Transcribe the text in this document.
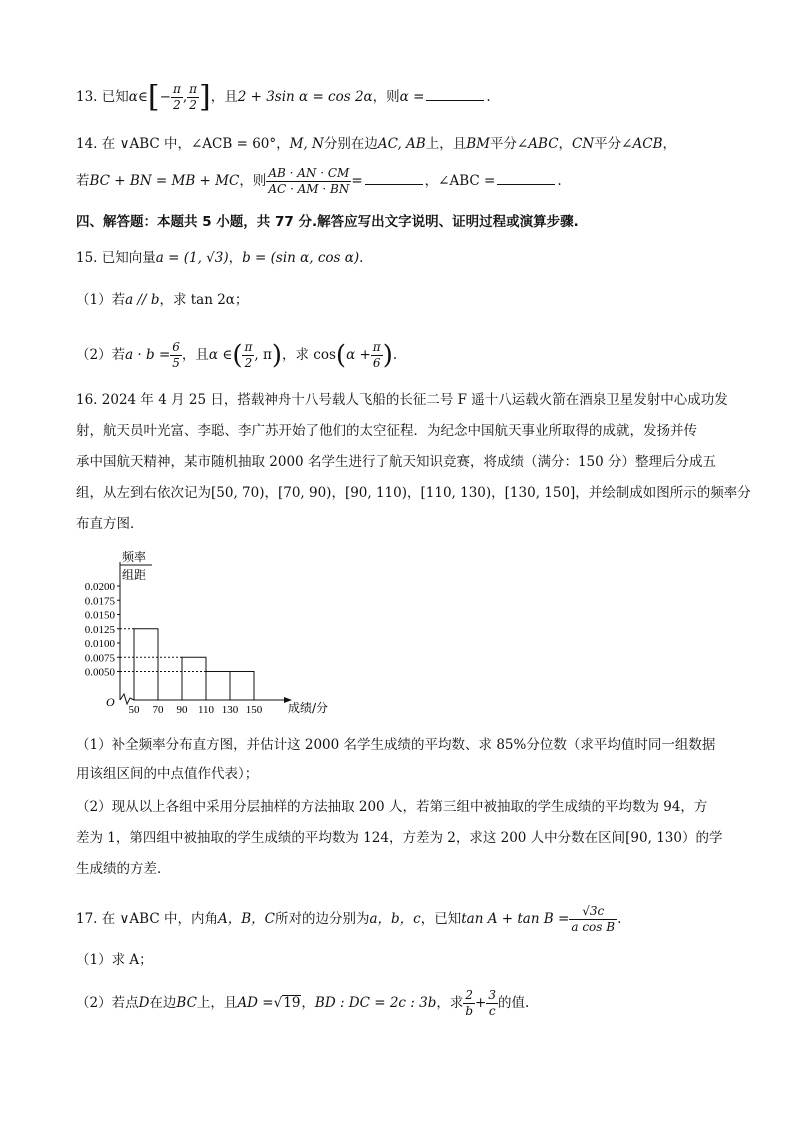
13. 已知α∈[− $\frac{\pi}{2}$ , $\frac{\pi}{2}$ ]，且2 + 3sin α = cos 2α，则α =	.
14. 在 ∨ABC 中，∠ACB = 60°，M, N分别在边AC, AB上，且BM平分∠ABC，CN平分∠ACB，
若BC + BN = MB + MC，则 $\frac{AB \cdot AN \cdot CM}{AC \cdot AM \cdot BN}$ =	，∠ABC =	.
四、解答题：本题共 5 小题，共 77 分.解答应写出文字说明、证明过程或演算步骤.
15. 已知向量a = (1, √3)，b = (sin α, cos α).
（1）若a // b，求 tan 2α；
（2）若$a \cdot b = \frac{6}{5}$ ，且α ∈( $\frac{\pi}{2}$ , π)，求 $\cos(\alpha + \frac{\pi}{6}$ ).
16. 2024 年 4 月 25 日，搭载神舟十八号载人飞船的长征二号 F 遥十八运载火箭在酒泉卫星发射中心成功发
射，航天员叶光富、李聪、李广苏开始了他们的太空征程．为纪念中国航天事业所取得的成就，发扬并传
承中国航天精神，某市随机抽取 2000 名学生进行了航天知识竞赛，将成绩（满分：150 分）整理后分成五
组，从左到右依次记为[50, 70)，[70, 90)，[90, 110)，[110, 130)，[130, 150]，并绘制成如图所示的频率分
布直方图．
频率
组距
成绩/分
O
0.0200
0.0175
0.0150
0.0125
0.0100
0.0075
0.0050
50 70 90 110 130 150
（1）补全频率分布直方图，并估计这 2000 名学生成绩的平均数、求 85%分位数（求平均值时同一组数据
用该组区间的中点值作代表）；
（2）现从以上各组中采用分层抽样的方法抽取 200 人，若第三组中被抽取的学生成绩的平均数为 94，方
差为 1，第四组中被抽取的学生成绩的平均数为 124，方差为 2，求这 200 人中分数在区间[90, 130）的学
生成绩的方差．
17. 在 ∨ABC 中，内角A，B，C所对的边分别为a，b，c，已知$\tan A + \tan B = \frac{√3c}{\text{a cos B}}$ .
（1）求 A；
（2）若点D在边BC上，且AD =√19，BD : DC = 2c : 3b，求 $\frac{2}{b} + \frac{3}{c}$ 的值.
